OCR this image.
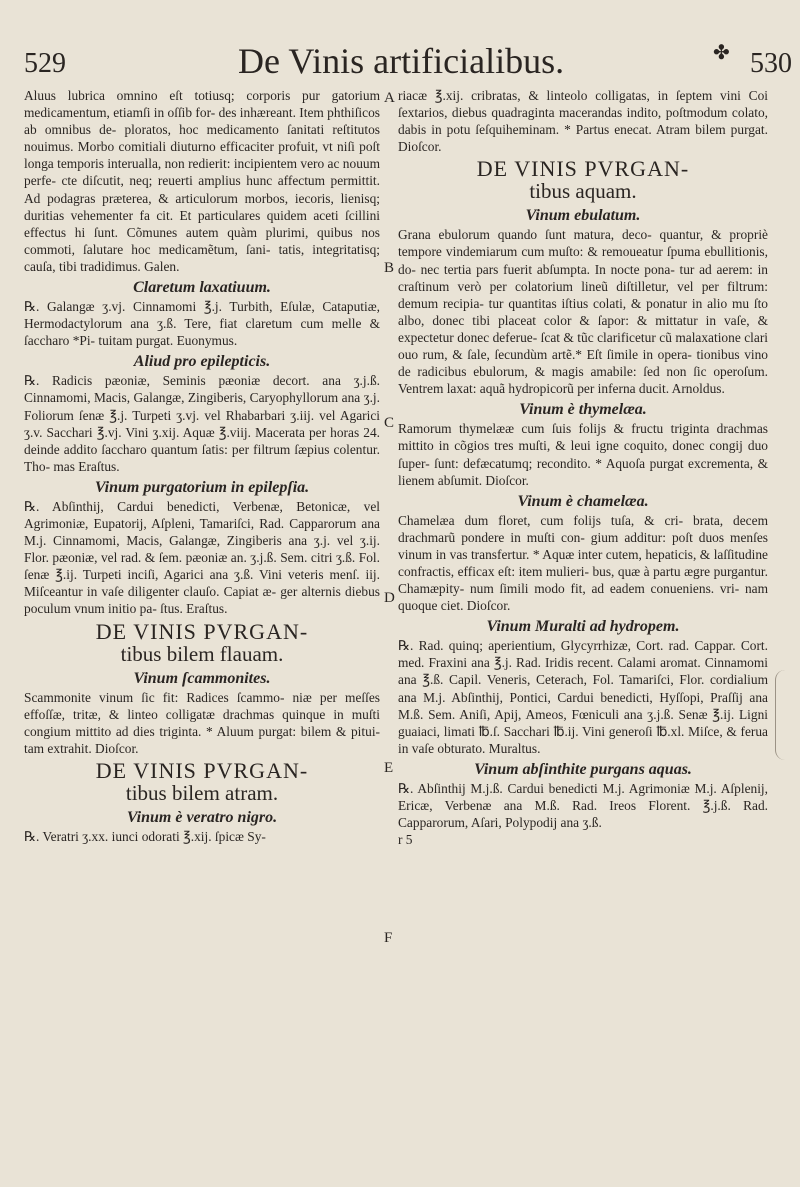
529	De Vinis artificialibus.	✤ 530
Aluus lubrica omnino eſt totiusq; corporis pur gatorium medicamentum, etiamſi in oſſib for- des inhæreant. Item phthiſicos ab omnibus de- ploratos, hoc medicamento ſanitati reſtitutos nouimus. Morbo comitiali diuturno efficaciter profuit, vt niſi poſt longa temporis interualla, non redierit: incipientem vero ac nouum perfe- cte diſcutit, neq; reuerti amplius hunc affectum permittit. Ad podagras præterea, & articulorum morbos, iecoris, lienisq; duritias vehementer fa cit. Et particulares quidem aceti ſcillini effectus hi ſunt. Cõmunes autem quàm plurimi, quibus nos commoti, ſalutare hoc medicamẽtum, ſani- tatis, integritatisq; cauſa, tibi tradidimus. Galen.
Claretum laxatiuum.
℞. Galangæ ʒ.vj. Cinnamomi ℥.j. Turbith, Eſulæ, Cataputiæ, Hermodactylorum ana ʒ.ß. Tere, fiat claretum cum melle & ſaccharo *Pi- tuitam purgat. Euonymus.
Aliud pro epilepticis.
℞. Radicis pæoniæ, Seminis pæoniæ decort. ana ʒ.j.ß. Cinnamomi, Macis, Galangæ, Zingiberis, Caryophyllorum ana ʒ.j. Foliorum ſenæ ℥.j. Turpeti ʒ.vj. vel Rhabarbari ʒ.iij. vel Agarici ʒ.v. Sacchari ℥.vj. Vini ʒ.xij. Aquæ ℥.viij. Macerata per horas 24. deinde addito ſaccharo quantum ſatis: per filtrum ſæpius colentur. Tho- mas Eraſtus.
Vinum purgatorium in epilepſia.
℞. Abſinthij, Cardui benedicti, Verbenæ, Betonicæ, vel Agrimoniæ, Eupatorij, Aſpleni, Tamariſci, Rad. Capparorum ana M.j. Cinnamomi, Macis, Galangæ, Zingiberis ana ʒ.j. vel ʒ.ij. Flor. pæoniæ, vel rad. & ſem. pæoniæ an. ʒ.j.ß. Sem. citri ʒ.ß. Fol. ſenæ ℥.ij. Turpeti inciſi, Agarici ana ʒ.ß. Vini veteris menſ. iij. Miſceantur in vaſe diligenter clauſo. Capiat æ- ger alternis diebus poculum vnum initio pa- ſtus. Eraſtus.
DE VINIS PVRGAN-
tibus bilem flauam.
Vinum ſcammonites.
Scammonite vinum ſic fit: Radices ſcammo- niæ per meſſes effoſſæ, tritæ, & linteo colligatæ drachmas quinque in muſti congium mittito ad dies triginta. * Aluum purgat: bilem & pitui- tam extrahit. Dioſcor.
DE VINIS PVRGAN-
tibus bilem atram.
Vinum è veratro nigro.
℞. Veratri ʒ.xx. iunci odorati ℥.xij. ſpicæ Sy-
riacæ ℥.xij. cribratas, & linteolo colligatas, in ſeptem vini Coi ſextarios, diebus quadraginta macerandas indito, poſtmodum colato, dabis in potu ſeſquiheminam. * Partus enecat. Atram bilem purgat. Dioſcor.
DE VINIS PVRGAN-
tibus aquam.
Vinum ebulatum.
Grana ebulorum quando ſunt matura, deco- quantur, & propriè tempore vindemiarum cum muſto: & remoueatur ſpuma ebullitionis, do- nec tertia pars fuerit abſumpta. In nocte pona- tur ad aerem: in craſtinum verò per colatorium lineũ diſtilletur, vel per filtrum: demum recipia- tur quantitas iſtius colati, & ponatur in alio mu ſto albo, donec tibi placeat color & ſapor: & mittatur in vaſe, & expectetur donec deferue- ſcat & tũc clarificetur cũ malaxatione clari ouo rum, & ſale, ſecundùm artẽ.* Eſt ſimile in opera- tionibus vino de radicibus ebulorum, & magis amabile: ſed non ſic operoſum. Ventrem laxat: aquã hydropicorũ per inferna ducit. Arnoldus.
Vinum è thymelæa.
Ramorum thymelææ cum ſuis folijs & fructu triginta drachmas mittito in cõgios tres muſti, & leui igne coquito, donec congij duo ſuper- ſunt: defæcatumq; recondito. * Aquoſa purgat excrementa, & lienem abſumit. Dioſcor.
Vinum è chamelæa.
Chamelæa dum floret, cum folijs tuſa, & cri- brata, decem drachmarũ pondere in muſti con- gium additur: poſt duos menſes vinum in vas transfertur. * Aquæ inter cutem, hepaticis, & laſſitudine confractis, efficax eſt: item mulieri- bus, quæ à partu ægre purgantur. Chamæpity- num ſimili modo fit, ad eadem conueniens. vri- nam quoque ciet. Dioſcor.
Vinum Muralti ad hydropem.
℞. Rad. quinq; aperientium, Glycyrrhizæ, Cort. rad. Cappar. Cort. med. Fraxini ana ℥.j. Rad. Iridis recent. Calami aromat. Cinnamomi ana ℥.ß. Capil. Veneris, Ceterach, Fol. Tamariſci, Flor. cordialium ana M.j. Abſinthij, Pontici, Cardui benedicti, Hyſſopi, Praſſij ana M.ß. Sem. Aniſi, Apij, Ameos, Fœniculi ana ʒ.j.ß. Senæ ℥.ij. Ligni guaiaci, limati ℔.ſ. Sacchari ℔.ij. Vini generoſi ℔.xl. Miſce, & ferua in vaſe obturato. Muraltus.
Vinum abſinthite purgans aquas.
℞. Abſinthij M.j.ß. Cardui benedicti M.j. Agrimoniæ M.j. Aſplenij, Ericæ, Verbenæ ana M.ß. Rad. Ireos Florent. ℥.j.ß. Rad. Capparorum, Aſari, Polypodij ana ʒ.ß.
r 5
A
B
C
D
E
F
